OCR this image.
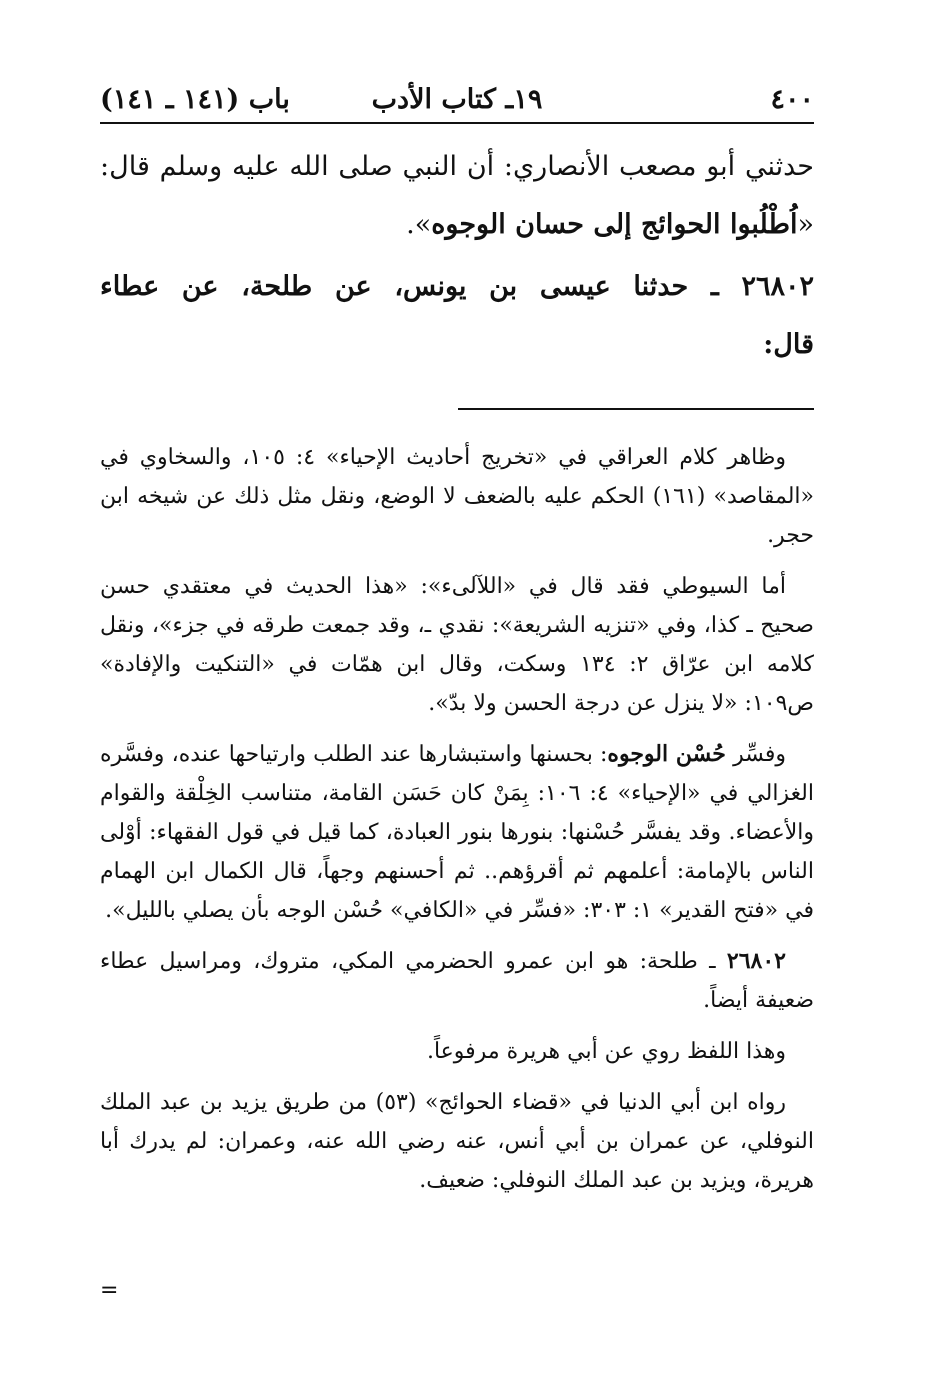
٤٠٠
١٩ـ كتاب الأدب
باب (١٤١ ـ ١٤١)

حدثني أبو مصعب الأنصاري: أن النبي صلى الله عليه وسلم قال: «اُطْلُبوا الحوائج إلى حسان الوجوه».

٢٦٨٠٢ ـ حدثنا عيسى بن يونس، عن طلحة، عن عطاء قال:

وظاهر كلام العراقي في «تخريج أحاديث الإحياء» ٤: ١٠٥، والسخاوي في «المقاصد» (١٦١) الحكم عليه بالضعف لا الوضع، ونقل مثل ذلك عن شيخه ابن حجر.

أما السيوطي فقد قال في «اللآلىء»: «هذا الحديث في معتقدي حسن صحيح ـ كذا، وفي «تنزيه الشريعة»: نقدي ـ، وقد جمعت طرقه في جزء»، ونقل كلامه ابن عرّاق ٢: ١٣٤ وسكت، وقال ابن همّات في «التنكيت والإفادة» ص١٠٩: «لا ينزل عن درجة الحسن ولا بدّ».

وفسِّر حُسْن الوجوه: بحسنها واستبشارها عند الطلب وارتياحها عنده، وفسَّره الغزالي في «الإحياء» ٤: ١٠٦: بِمَنْ كان حَسَن القامة، متناسب الخِلْقة والقوام والأعضاء. وقد يفسَّر حُسْنها: بنورها بنور العبادة، كما قيل في قول الفقهاء: أوْلى الناس بالإمامة: أعلمهم ثم أقرؤهم.. ثم أحسنهم وجهاً، قال الكمال ابن الهمام في «فتح القدير» ١: ٣٠٣: «فسِّر في «الكافي» حُسْن الوجه بأن يصلي بالليل».

٢٦٨٠٢ ـ طلحة: هو ابن عمرو الحضرمي المكي، متروك، ومراسيل عطاء ضعيفة أيضاً.

وهذا اللفظ روي عن أبي هريرة مرفوعاً.

رواه ابن أبي الدنيا في «قضاء الحوائج» (٥٣) من طريق يزيد بن عبد الملك النوفلي، عن عمران بن أبي أنس، عنه رضي الله عنه، وعمران: لم يدرك أبا هريرة، ويزيد بن عبد الملك النوفلي: ضعيف.

=
